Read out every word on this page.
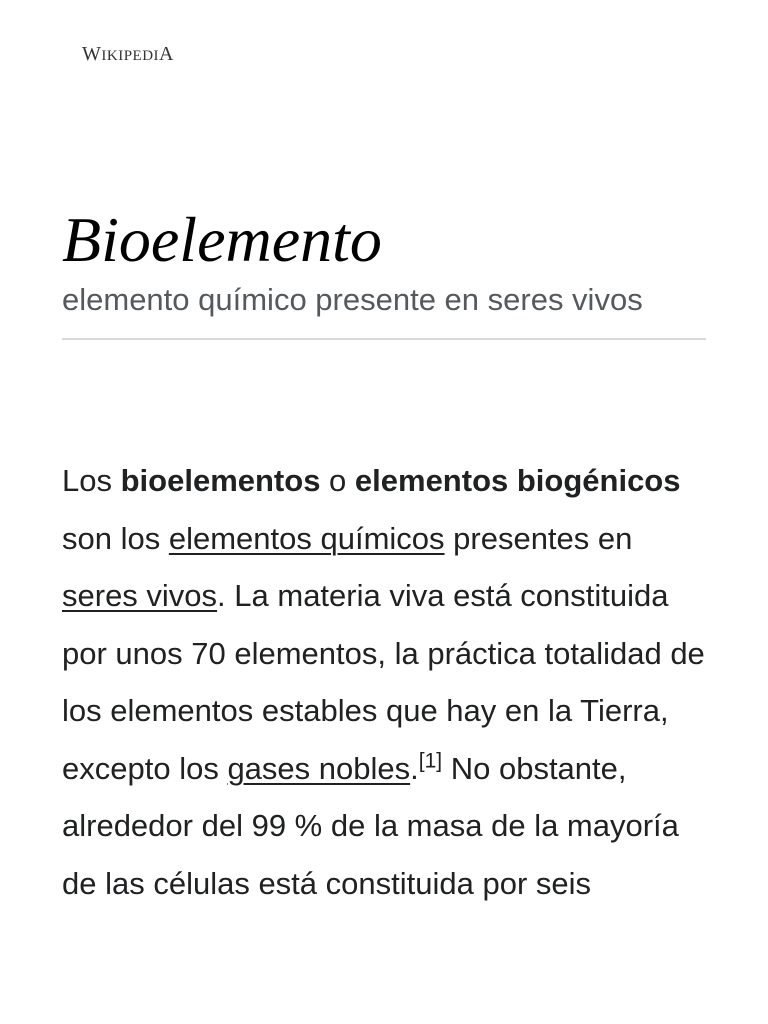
WIKIPEDIA
Bioelemento

elemento químico presente en seres vivos

Los bioelementos o elementos biogénicos son los elementos químicos presentes en seres vivos. La materia viva está constituida por unos 70 elementos, la práctica totalidad de los elementos estables que hay en la Tierra, excepto los gases nobles.[1] No obstante, alrededor del 99 % de la masa de la mayoría de las células está constituida por seis
